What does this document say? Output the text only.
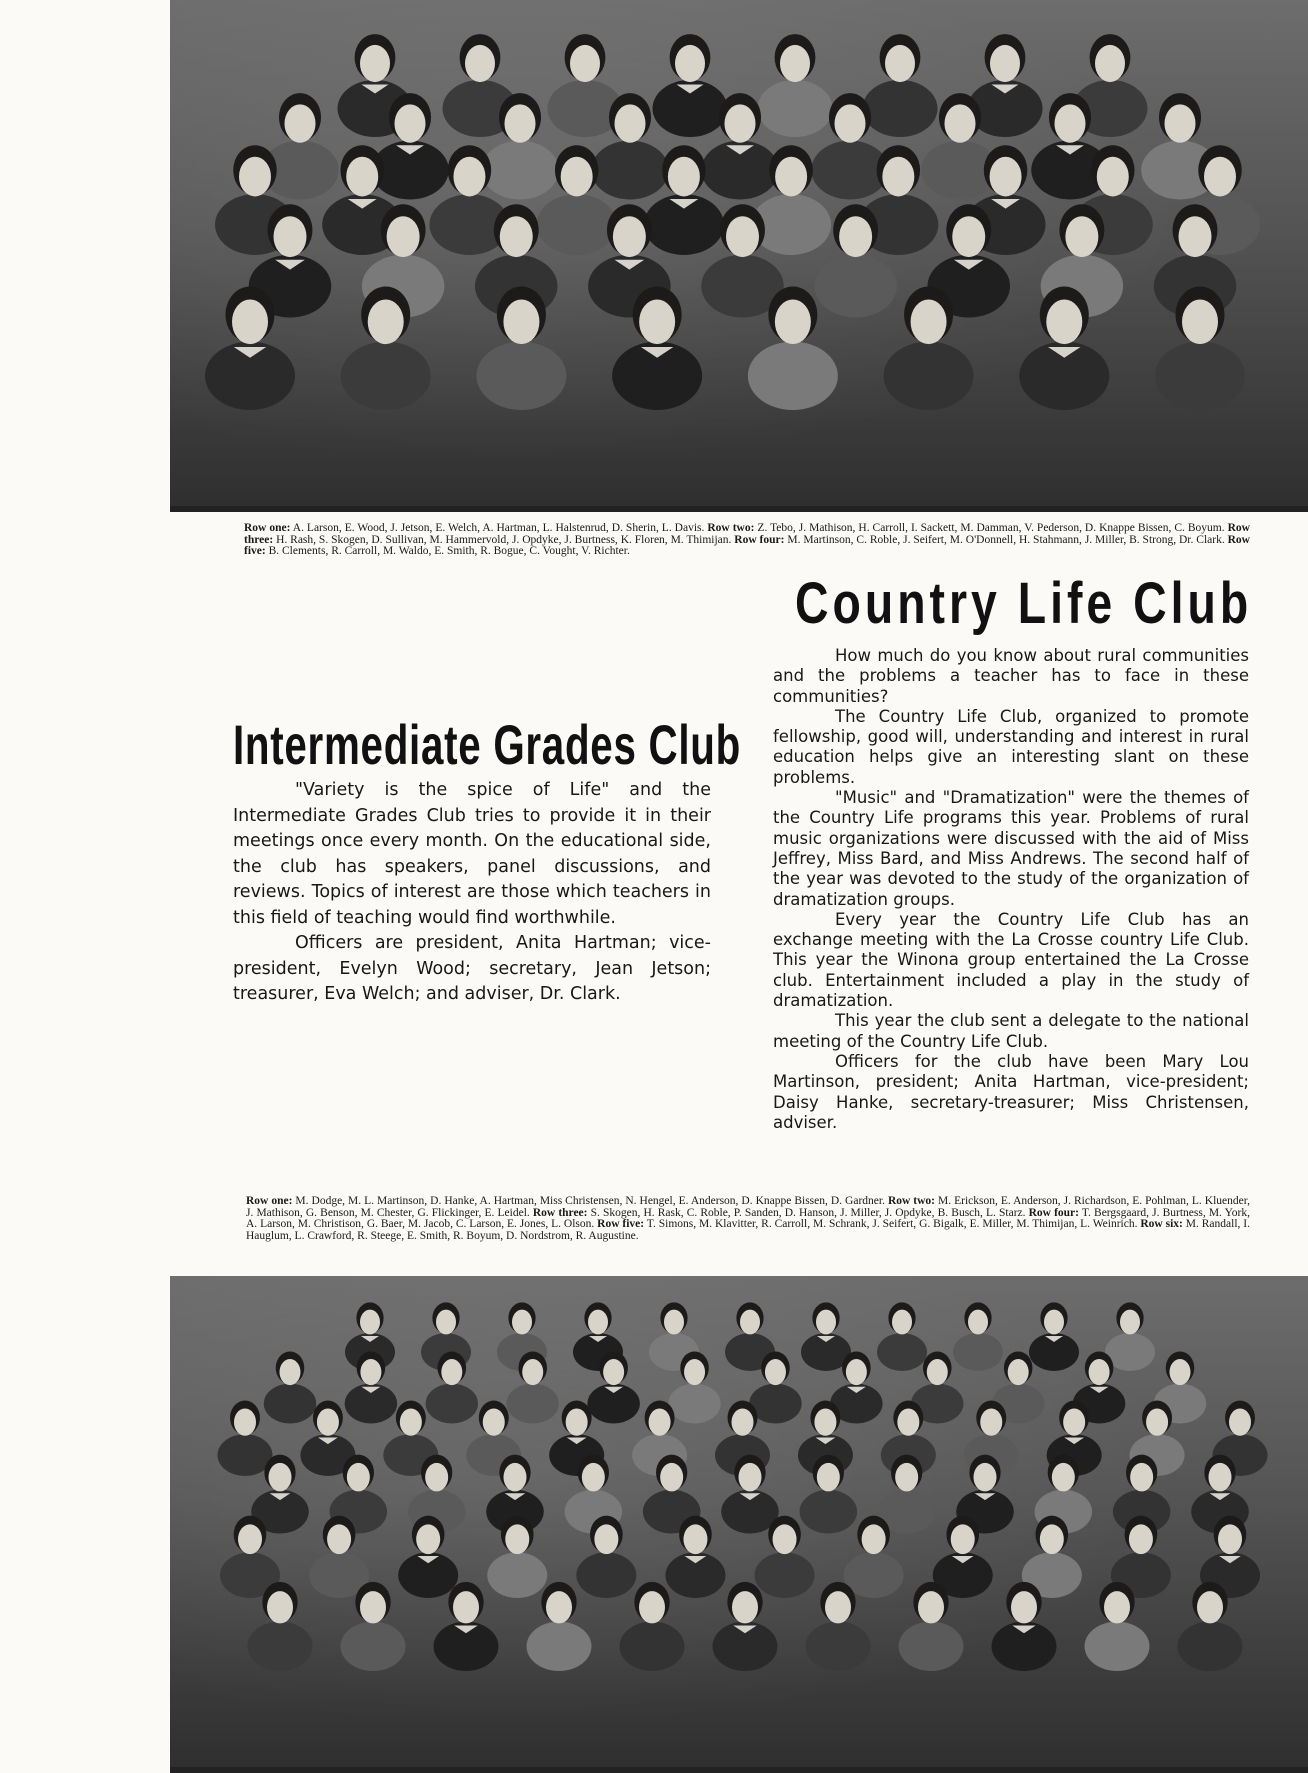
Row one: A. Larson, E. Wood, J. Jetson, E. Welch, A. Hartman, L. Halstenrud, D. Sherin, L. Davis. Row two: Z. Tebo, J. Mathison, H. Carroll, I. Sackett, M. Damman, V. Pederson, D. Knappe Bissen, C. Boyum. Row three: H. Rash, S. Skogen, D. Sullivan, M. Hammervold, J. Opdyke, J. Burtness, K. Floren, M. Thimijan. Row four: M. Martinson, C. Roble, J. Seifert, M. O'Donnell, H. Stahmann, J. Miller, B. Strong, Dr. Clark. Row five: B. Clements, R. Carroll, M. Waldo, E. Smith, R. Bogue, C. Vought, V. Richter.

Country Life Club

How much do you know about rural communities and the problems a teacher has to face in these communities?

The Country Life Club, organized to promote fellowship, good will, understanding and interest in rural education helps give an interesting slant on these problems.

"Music" and "Dramatization" were the themes of the Country Life programs this year. Problems of rural music organizations were discussed with the aid of Miss Jeffrey, Miss Bard, and Miss Andrews. The second half of the year was devoted to the study of the organization of dramatization groups.

Every year the Country Life Club has an exchange meeting with the La Crosse country Life Club. This year the Winona group entertained the La Crosse club. Entertainment included a play in the study of dramatization.

This year the club sent a delegate to the national meeting of the Country Life Club.

Officers for the club have been Mary Lou Martinson, president; Anita Hartman, vice-president; Daisy Hanke, secretary-treasurer; Miss Christensen, adviser.

Intermediate Grades Club

"Variety is the spice of Life" and the Intermediate Grades Club tries to provide it in their meetings once every month. On the educational side, the club has speakers, panel discussions, and reviews. Topics of interest are those which teachers in this field of teaching would find worthwhile.

Officers are president, Anita Hartman; vice-president, Evelyn Wood; secretary, Jean Jetson; treasurer, Eva Welch; and adviser, Dr. Clark.

Row one: M. Dodge, M. L. Martinson, D. Hanke, A. Hartman, Miss Christensen, N. Hengel, E. Anderson, D. Knappe Bissen, D. Gardner. Row two: M. Erickson, E. Anderson, J. Richardson, E. Pohlman, L. Kluender, J. Mathison, G. Benson, M. Chester, G. Flickinger, E. Leidel. Row three: S. Skogen, H. Rask, C. Roble, P. Sanden, D. Hanson, J. Miller, J. Opdyke, B. Busch, L. Starz. Row four: T. Bergsgaard, J. Burtness, M. York, A. Larson, M. Christison, G. Baer, M. Jacob, C. Larson, E. Jones, L. Olson. Row five: T. Simons, M. Klavitter, R. Carroll, M. Schrank, J. Seifert, G. Bigalk, E. Miller, M. Thimijan, L. Weinrich. Row six: M. Randall, I. Hauglum, L. Crawford, R. Steege, E. Smith, R. Boyum, D. Nordstrom, R. Augustine.
